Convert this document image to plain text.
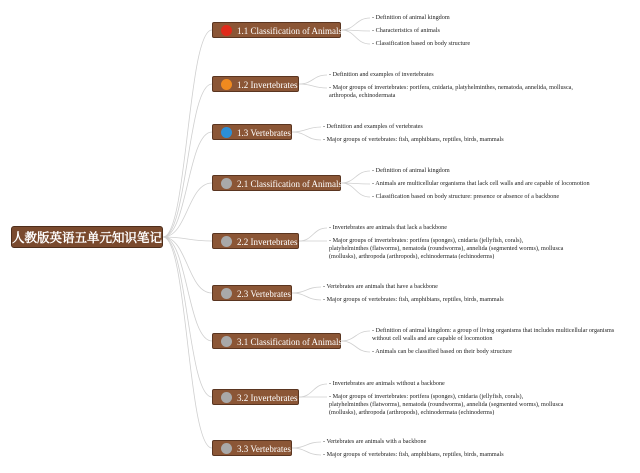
人教版英语五单元知识笔记
1.1 Classification of Animals
- Definition of animal kingdom
- Characteristics of animals
- Classification based on body structure
1.2 Invertebrates
- Definition and examples of invertebrates
- Major groups of invertebrates: porifera, cnidaria, platyhelminthes, nematoda, annelida, mollusca, arthropoda, echinodermata
1.3 Vertebrates
- Definition and examples of vertebrates
- Major groups of vertebrates: fish, amphibians, reptiles, birds, mammals
2.1 Classification of Animals
- Definition of animal kingdom
- Animals are multicellular organisms that lack cell walls and are capable of locomotion
- Classification based on body structure: presence or absence of a backbone
2.2 Invertebrates
- Invertebrates are animals that lack a backbone
- Major groups of invertebrates: porifera (sponges), cnidaria (jellyfish, corals), platyhelminthes (flatworms), nematoda (roundworms), annelida (segmented worms), mollusca (mollusks), arthropoda (arthropods), echinodermata (echinoderms)
2.3 Vertebrates
- Vertebrates are animals that have a backbone
- Major groups of vertebrates: fish, amphibians, reptiles, birds, mammals
3.1 Classification of Animals
- Definition of animal kingdom: a group of living organisms that includes multicellular organisms without cell walls and are capable of locomotion
- Animals can be classified based on their body structure
3.2 Invertebrates
- Invertebrates are animals without a backbone
- Major groups of invertebrates: porifera (sponges), cnidaria (jellyfish, corals), platyhelminthes (flatworms), nematoda (roundworms), annelida (segmented worms), mollusca (mollusks), arthropoda (arthropods), echinodermata (echinoderms)
3.3 Vertebrates
- Vertebrates are animals with a backbone
- Major groups of vertebrates: fish, amphibians, reptiles, birds, mammals
